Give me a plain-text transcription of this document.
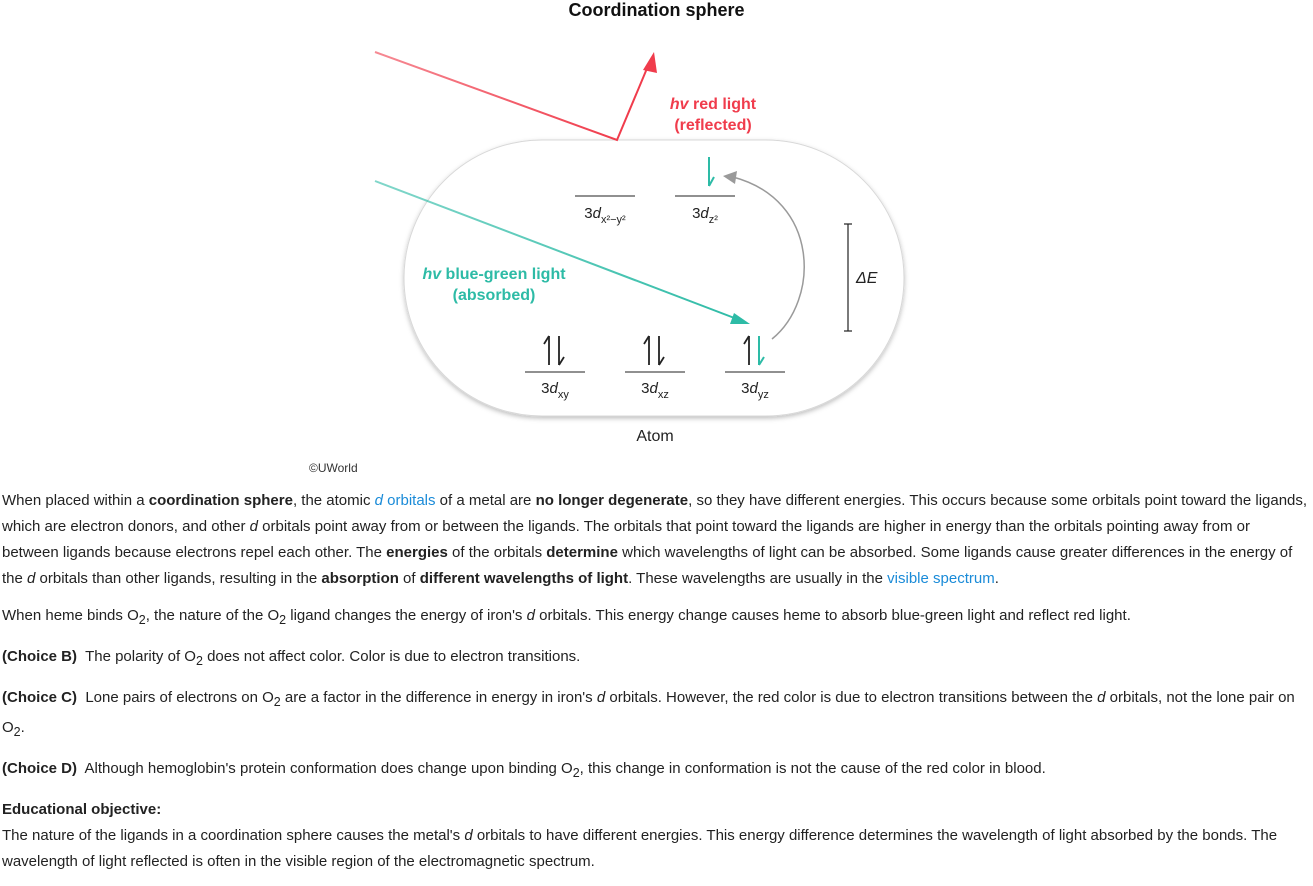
Coordination sphere
hv red light
(reflected)
hv blue-green light
(absorbed)
$3d_{x^2-y^2}$	$3d_{z^2}$
$3d_{xy}$	$3d_{xz}$	$3d_{yz}$
ΔE
Atom
©UWorld

When placed within a coordination sphere, the atomic d orbitals of a metal are no longer degenerate, so they have different energies. This occurs because some orbitals point toward the ligands, which are electron donors, and other d orbitals point away from or between the ligands. The orbitals that point toward the ligands are higher in energy than the orbitals pointing away from or between ligands because electrons repel each other. The energies of the orbitals determine which wavelengths of light can be absorbed. Some ligands cause greater differences in the energy of the d orbitals than other ligands, resulting in the absorption of different wavelengths of light. These wavelengths are usually in the visible spectrum.

When heme binds $O_2$, the nature of the $O_2$ ligand changes the energy of iron's d orbitals. This energy change causes heme to absorb blue-green light and reflect red light.

(Choice B)  The polarity of $O_2$ does not affect color. Color is due to electron transitions.

(Choice C)  Lone pairs of electrons on $O_2$ are a factor in the difference in energy in iron's d orbitals. However, the red color is due to electron transitions between the d orbitals, not the lone pair on $O_2$.

(Choice D)  Although hemoglobin's protein conformation does change upon binding $O_2$, this change in conformation is not the cause of the red color in blood.

Educational objective:

The nature of the ligands in a coordination sphere causes the metal's d orbitals to have different energies. This energy difference determines the wavelength of light absorbed by the bonds. The wavelength of light reflected is often in the visible region of the electromagnetic spectrum.
